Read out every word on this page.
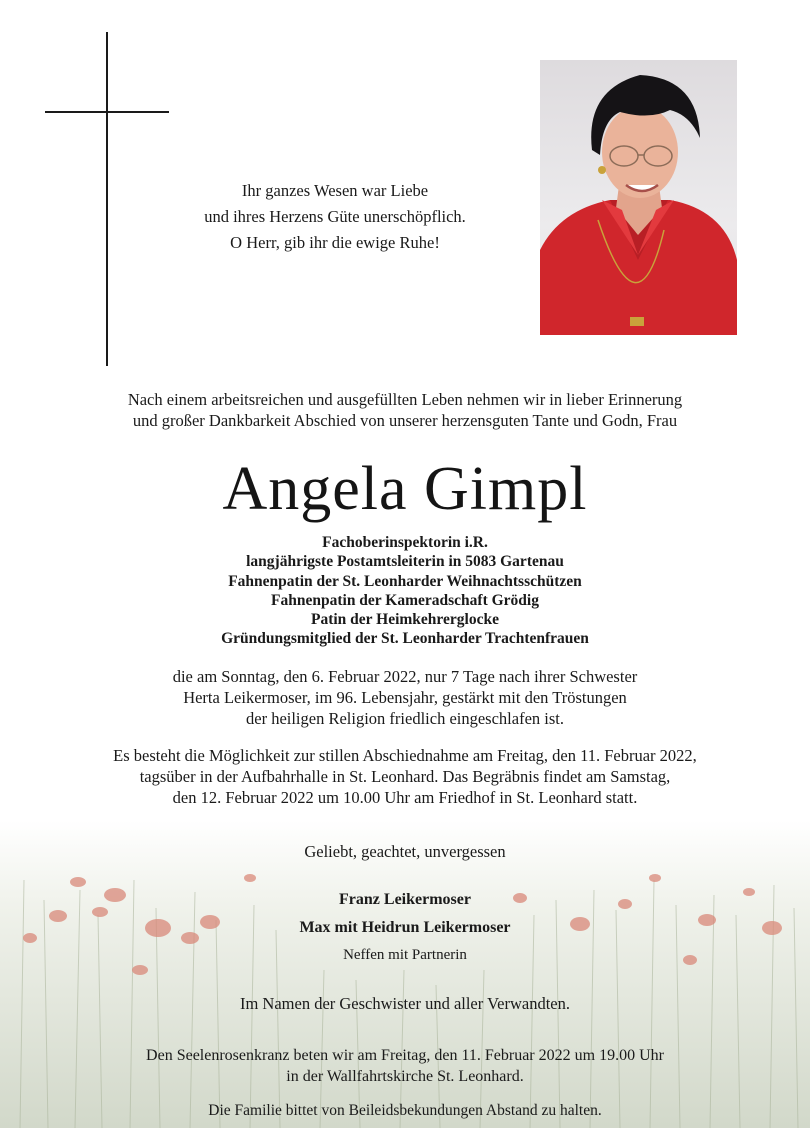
Ihr ganzes Wesen war Liebe
und ihres Herzens Güte unerschöpflich.
O Herr, gib ihr die ewige Ruhe!
Nach einem arbeitsreichen und ausgefüllten Leben nehmen wir in lieber Erinnerung
und großer Dankbarkeit Abschied von unserer herzensguten Tante und Godn, Frau
Angela Gimpl
Fachoberinspektorin i.R.
langjährigste Postamtsleiterin in 5083 Gartenau
Fahnenpatin der St. Leonharder Weihnachtsschützen
Fahnenpatin der Kameradschaft Grödig
Patin der Heimkehrerglocke
Gründungsmitglied der St. Leonharder Trachtenfrauen
die am Sonntag, den 6. Februar 2022, nur 7 Tage nach ihrer Schwester
Herta Leikermoser, im 96. Lebensjahr, gestärkt mit den Tröstungen
der heiligen Religion friedlich eingeschlafen ist.
Es besteht die Möglichkeit zur stillen Abschiednahme am Freitag, den 11. Februar 2022,
tagsüber in der Aufbahrhalle in St. Leonhard. Das Begräbnis findet am Samstag,
den 12. Februar 2022 um 10.00 Uhr am Friedhof in St. Leonhard statt.
Geliebt, geachtet, unvergessen
Franz Leikermoser
Max mit Heidrun Leikermoser
Neffen mit Partnerin
Im Namen der Geschwister und aller Verwandten.
Den Seelenrosenkranz beten wir am Freitag, den 11. Februar 2022 um 19.00 Uhr
in der Wallfahrtskirche St. Leonhard.
Die Familie bittet von Beileidsbekundungen Abstand zu halten.
